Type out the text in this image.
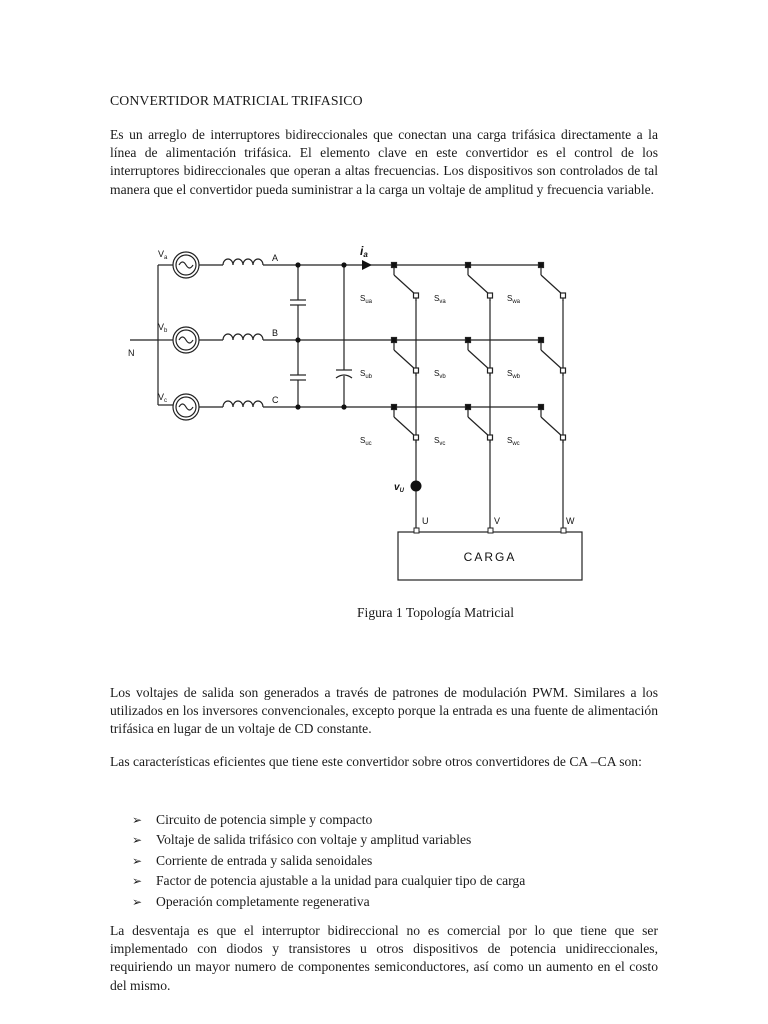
CONVERTIDOR MATRICIAL TRIFASICO
Es un arreglo de interruptores bidireccionales que conectan una carga trifásica directamente a la línea de alimentación trifásica. El elemento clave en este convertidor es el control de los interruptores bidireccionales que operan a altas frecuencias. Los dispositivos son controlados de tal manera que el convertidor pueda suministrar a la carga un voltaje de amplitud y frecuencia variable.
$V_a$
$V_b$
$V_c$
N
A
B
C
ia
$v_U$
U	V	W
CARGA
$S_{ua}$	$S_{va}$	$S_{wa}$
$S_{ub}$	$S_{vb}$	$S_{wb}$
$S_{uc}$	$S_{vc}$	$S_{wc}$
Figura 1 Topología Matricial
Los voltajes de salida son generados a través de patrones de modulación PWM. Similares a los utilizados en los inversores convencionales, excepto porque la entrada es una fuente de alimentación trifásica en lugar de un voltaje de CD constante.
Las características eficientes que tiene este convertidor sobre otros convertidores de CA –CA son:
➢	Circuito de potencia simple y compacto
➢	Voltaje de salida trifásico con voltaje y amplitud variables
➢	Corriente de entrada y salida senoidales
➢	Factor de potencia ajustable a la unidad para cualquier tipo de carga
➢	Operación completamente regenerativa
La desventaja es que el interruptor bidireccional no es comercial por lo que tiene que ser implementado con diodos y transistores u otros dispositivos de potencia unidireccionales, requiriendo un mayor numero de componentes semiconductores, así como un aumento en el costo del mismo.
